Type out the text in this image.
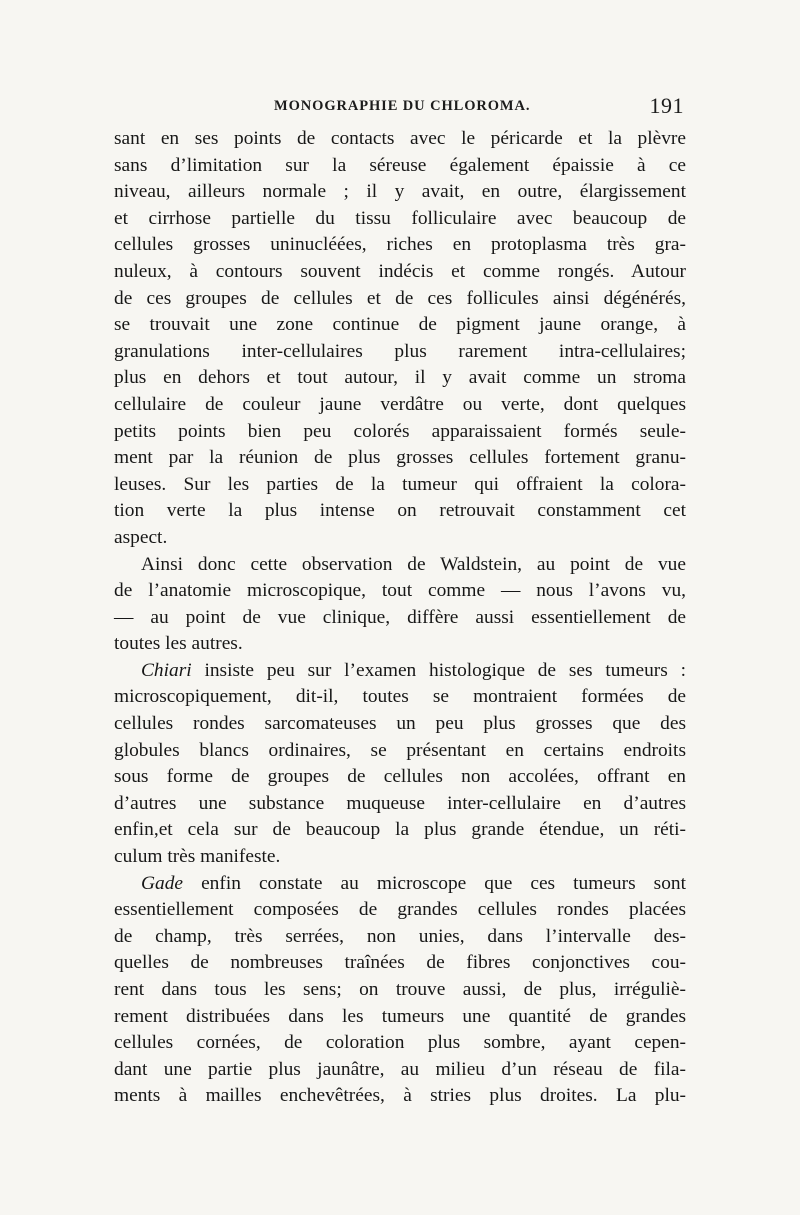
MONOGRAPHIE DU CHLOROMA.	191

sant en ses points de contacts avec le péricarde et la plèvre
sans d’limitation sur la séreuse également épaissie à ce
niveau, ailleurs normale ; il y avait, en outre, élargissement
et cirrhose partielle du tissu folliculaire avec beaucoup de
cellules grosses uninucléées, riches en protoplasma très gra-
nuleux, à contours souvent indécis et comme rongés. Autour
de ces groupes de cellules et de ces follicules ainsi dégénérés,
se trouvait une zone continue de pigment jaune orange, à
granulations inter-cellulaires plus rarement intra-cellulaires;
plus en dehors et tout autour, il y avait comme un stroma
cellulaire de couleur jaune verdâtre ou verte, dont quelques
petits points bien peu colorés apparaissaient formés seule-
ment par la réunion de plus grosses cellules fortement granu-
leuses. Sur les parties de la tumeur qui offraient la colora-
tion verte la plus intense on retrouvait constamment cet
aspect.

Ainsi donc cette observation de Waldstein, au point de vue
de l’anatomie microscopique, tout comme — nous l’avons vu,
— au point de vue clinique, diffère aussi essentiellement de
toutes les autres.

Chiari insiste peu sur l’examen histologique de ses tumeurs :
microscopiquement, dit-il, toutes se montraient formées de
cellules rondes sarcomateuses un peu plus grosses que des
globules blancs ordinaires, se présentant en certains endroits
sous forme de groupes de cellules non accolées, offrant en
d’autres une substance muqueuse inter-cellulaire en d’autres
enfin,et cela sur de beaucoup la plus grande étendue, un réti-
culum très manifeste.

Gade enfin constate au microscope que ces tumeurs sont
essentiellement composées de grandes cellules rondes placées
de champ, très serrées, non unies, dans l’intervalle des-
quelles de nombreuses traînées de fibres conjonctives cou-
rent dans tous les sens; on trouve aussi, de plus, irréguliè-
rement distribuées dans les tumeurs une quantité de grandes
cellules cornées, de coloration plus sombre, ayant cepen-
dant une partie plus jaunâtre, au milieu d’un réseau de fila-
ments à mailles enchevêtrées, à stries plus droites. La plu-
